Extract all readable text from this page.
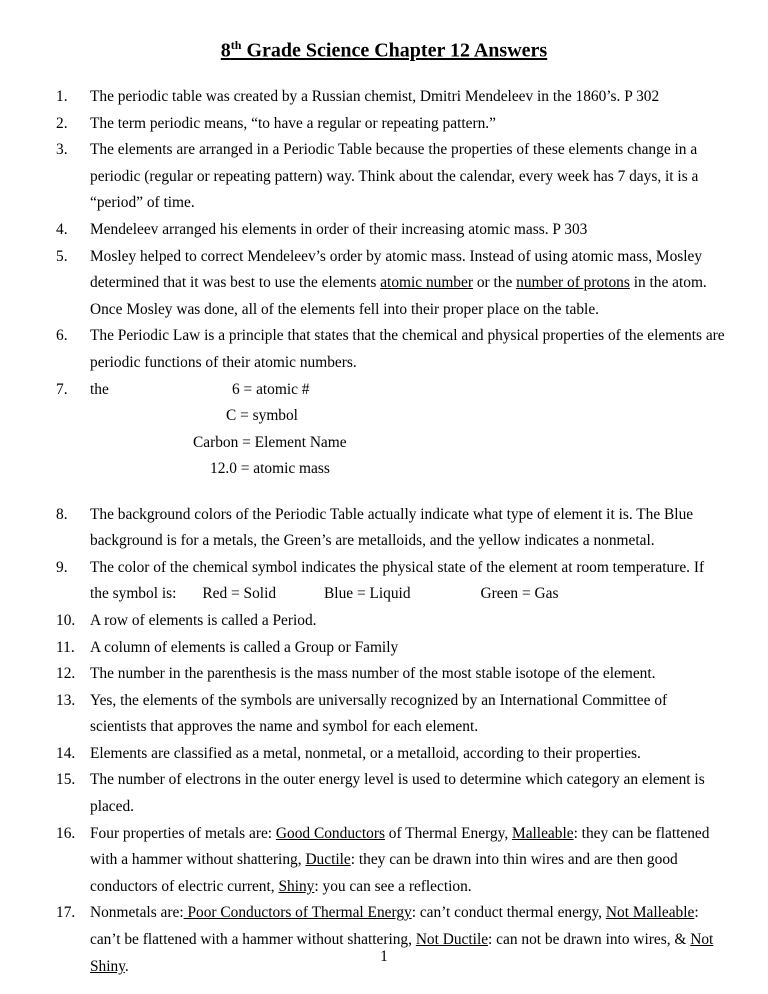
8th Grade Science Chapter 12 Answers
1. The periodic table was created by a Russian chemist, Dmitri Mendeleev in the 1860’s. P 302
2. The term periodic means, “to have a regular or repeating pattern.”
3. The elements are arranged in a Periodic Table because the properties of these elements change in a periodic (regular or repeating pattern) way. Think about the calendar, every week has 7 days, it is a “period” of time.
4. Mendeleev arranged his elements in order of their increasing atomic mass. P 303
5. Mosley helped to correct Mendeleev’s order by atomic mass. Instead of using atomic mass, Mosley determined that it was best to use the elements atomic number or the number of protons in the atom. Once Mosley was done, all of the elements fell into their proper place on the table.
6. The Periodic Law is a principle that states that the chemical and physical properties of the elements are periodic functions of their atomic numbers.
7. the	6 = atomic #
C = symbol
Carbon = Element Name
12.0 = atomic mass
8. The background colors of the Periodic Table actually indicate what type of element it is. The Blue background is for a metals, the Green’s are metalloids, and the yellow indicates a nonmetal.
9. The color of the chemical symbol indicates the physical state of the element at room temperature. If the symbol is: Red = Solid	Blue = Liquid	Green = Gas
10. A row of elements is called a Period.
11. A column of elements is called a Group or Family
12. The number in the parenthesis is the mass number of the most stable isotope of the element.
13. Yes, the elements of the symbols are universally recognized by an International Committee of scientists that approves the name and symbol for each element.
14. Elements are classified as a metal, nonmetal, or a metalloid, according to their properties.
15. The number of electrons in the outer energy level is used to determine which category an element is placed.
16. Four properties of metals are: Good Conductors of Thermal Energy, Malleable: they can be flattened with a hammer without shattering, Ductile: they can be drawn into thin wires and are then good conductors of electric current, Shiny: you can see a reflection.
17. Nonmetals are: Poor Conductors of Thermal Energy: can’t conduct thermal energy, Not Malleable: can’t be flattened with a hammer without shattering, Not Ductile: can not be drawn into wires, & Not Shiny.
1
